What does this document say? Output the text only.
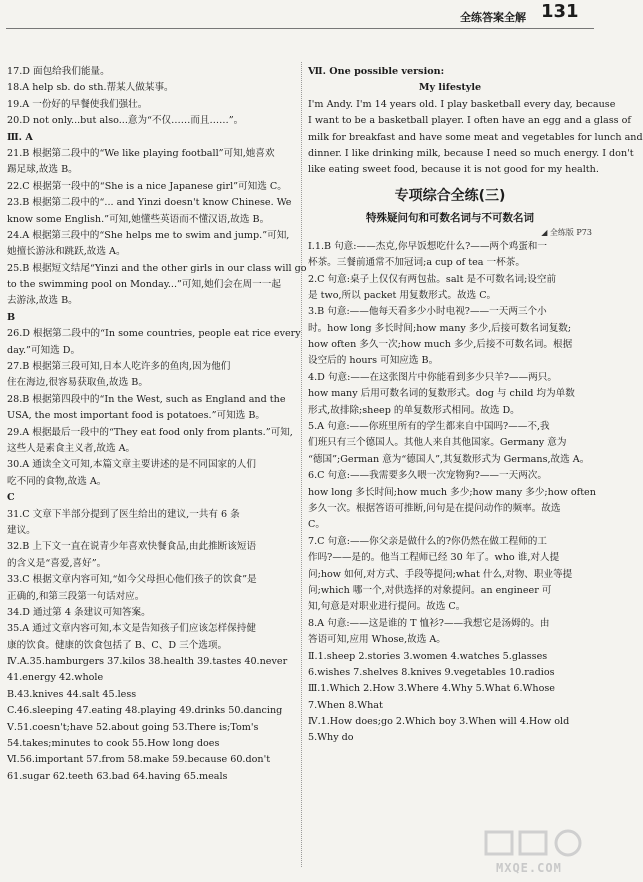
全练答案全解 131
17.D 面包给我们能量。
18.A help sb. do sth.帮某人做某事。
19.A 一份好的早餐使我们强壮。
20.D not only...but also...意为“不仅……而且……”。
Ⅲ. A
21.B 根据第二段中的“We like playing football”可知,她喜欢
踢足球,故选 B。
22.C 根据第一段中的“She is a nice Japanese girl”可知选 C。
23.B 根据第二段中的“... and Yinzi doesn't know Chinese. We
know some English.”可知,她懂些英语而不懂汉语,故选 B。
24.A 根据第三段中的“She helps me to swim and jump.”可知,
她擅长游泳和跳跃,故选 A。
25.B 根据短文结尾“Yinzi and the other girls in our class will go
to the swimming pool on Monday...”可知,她们会在周一一起
去游泳,故选 B。
B
26.D 根据第二段中的“In some countries, people eat rice every
day.”可知选 D。
27.B 根据第三段可知,日本人吃许多的鱼肉,因为他们
住在海边,很容易获取鱼,故选 B。
28.B 根据第四段中的“In the West, such as England and the
USA, the most important food is potatoes.”可知选 B。
29.A 根据最后一段中的“They eat food only from plants.”可知,
这些人是素食主义者,故选 A。
30.A 通读全文可知,本篇文章主要讲述的是不同国家的人们
吃不同的食物,故选 A。
C
31.C 文章下半部分提到了医生给出的建议,一共有 6 条
建议。
32.B 上下文一直在说青少年喜欢快餐食品,由此推断该短语
的含义是“喜爱,喜好”。
33.C 根据文章内容可知,“如今父母担心他们孩子的饮食”是
正确的,和第三段第一句话对应。
34.D 通过第 4 条建议可知答案。
35.A 通过文章内容可知,本文是告知孩子们应该怎样保持健
康的饮食。健康的饮食包括了 B、C、D 三个选项。
Ⅳ.A.35.hamburgers 37.kilos 38.health 39.tastes 40.never
41.energy 42.whole
B.43.knives 44.salt 45.less
C.46.sleeping 47.eating 48.playing 49.drinks 50.dancing
Ⅴ.51.coesn't;have 52.about going 53.There is;Tom's
54.takes;minutes to cook 55.How long does
Ⅵ.56.important 57.from 58.make 59.because 60.don't
61.sugar 62.teeth 63.bad 64.having 65.meals
Ⅶ. One possible version:
My lifestyle
I'm Andy. I'm 14 years old. I play basketball every day, because
I want to be a basketball player. I often have an egg and a glass of
milk for breakfast and have some meat and vegetables for lunch and
dinner. I like drinking milk, because I need so much energy. I don't
like eating sweet food, because it is not good for my health.
专项综合全练(三)
特殊疑问句和可数名词与不可数名词
◢ 全练版 P73
Ⅰ.1.B 句意:——杰克,你早饭想吃什么?——两个鸡蛋和一
杯茶。三餐前通常不加冠词;a cup of tea 一杯茶。
2.C 句意:桌子上仅仅有两包盐。salt 是不可数名词;设空前
是 two,所以 packet 用复数形式。故选 C。
3.B 句意:——他每天看多少小时电视?——一天两三个小
时。how long 多长时间;how many 多少,后接可数名词复数;
how often 多久一次;how much 多少,后接不可数名词。根据
设空后的 hours 可知应选 B。
4.D 句意:——在这张图片中你能看到多少只羊?——两只。
how many 后用可数名词的复数形式。dog 与 child 均为单数
形式,故排除;sheep 的单复数形式相同。故选 D。
5.A 句意:——你班里所有的学生都来自中国吗?——不,我
们班只有三个德国人。其他人来自其他国家。Germany 意为
“德国”;German 意为“德国人”,其复数形式为 Germans,故选 A。
6.C 句意:——我需要多久喂一次宠物狗?——一天两次。
how long 多长时间;how much 多少;how many 多少;how often
多久一次。根据答语可推断,问句是在提问动作的频率。故选
C。
7.C 句意:——你父亲是做什么的?你仍然在做工程师的工
作吗?——是的。他当工程师已经 30 年了。who 谁,对人提
问;how 如何,对方式、手段等提问;what 什么,对物、职业等提
问;which 哪一个,对供选择的对象提问。an engineer 可
知,句意是对职业进行提问。故选 C。
8.A 句意:——这是谁的 T 恤衫?——我想它是汤姆的。由
答语可知,应用 Whose,故选 A。
Ⅱ.1.sheep 2.stories 3.women 4.watches 5.glasses
6.wishes 7.shelves 8.knives 9.vegetables 10.radios
Ⅲ.1.Which 2.How 3.Where 4.Why 5.What 6.Whose
7.When 8.What
Ⅳ.1.How does;go 2.Which boy 3.When will 4.How old
5.Why do
MXQE.COM
